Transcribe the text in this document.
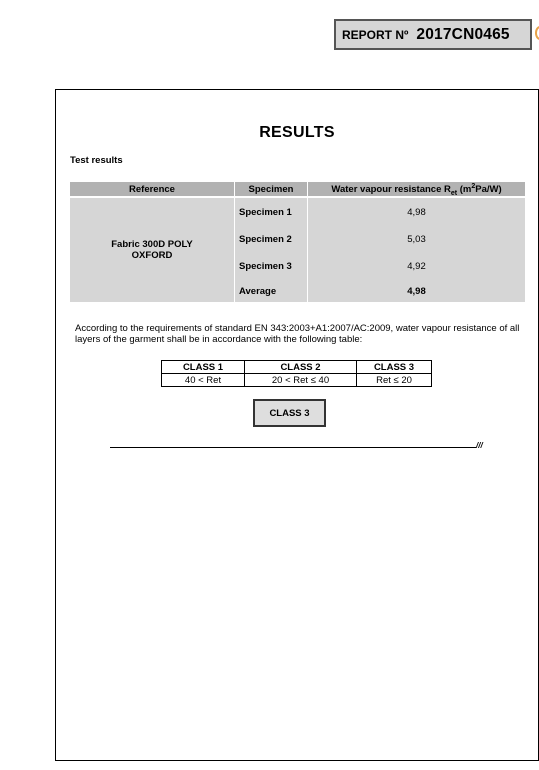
REPORT Nº 2017CN0465
RESULTS
Test results
Reference	Specimen	Water vapour resistance $R_{et}$ $(m^2Pa/W)$

Fabric 300D POLY
OXFORD	Specimen 1	4,98
	Specimen 2	5,03
	Specimen 3	4,92
	Average	4,98
According to the requirements of standard EN 343:2003+A1:2007/AC:2009, water vapour resistance of all layers of the garment shall be in accordance with the following table:
CLASS 1	CLASS 2	CLASS 3
40 < Ret	20 < Ret ≤ 40	Ret ≤ 20
CLASS 3
///
